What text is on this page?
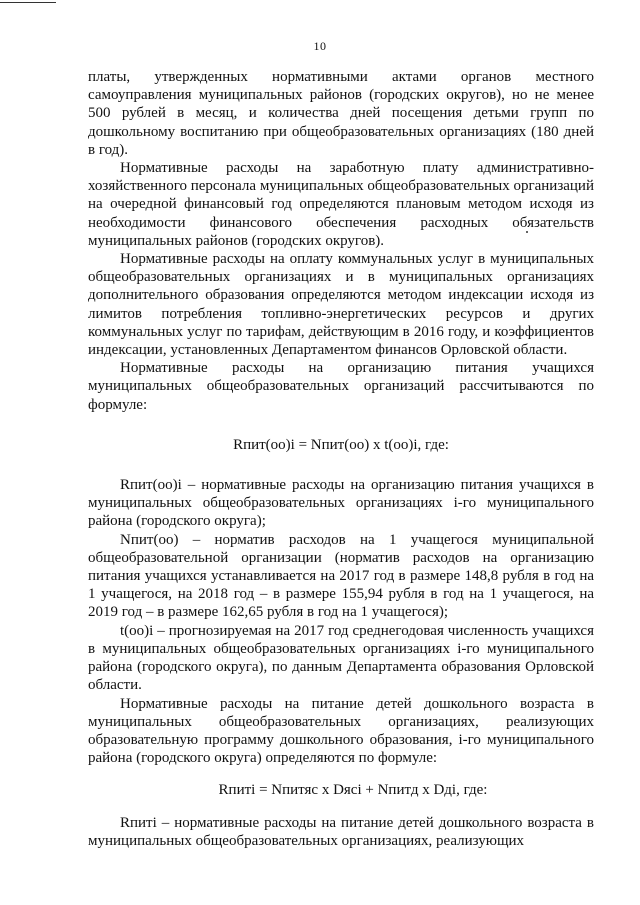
10

платы, утвержденных нормативными актами органов местного самоуправления муниципальных районов (городских округов), но не менее 500 рублей в месяц, и количества дней посещения детьми групп по дошкольному воспитанию при общеобразовательных организациях (180 дней в год).

Нормативные расходы на заработную плату административно-хозяйственного персонала муниципальных общеобразовательных организаций на очередной финансовый год определяются плановым методом исходя из необходимости финансового обеспечения расходных обязательств муниципальных районов (городских округов).

Нормативные расходы на оплату коммунальных услуг в муниципальных общеобразовательных организациях и в муниципальных организациях дополнительного образования определяются методом индексации исходя из лимитов потребления топливно-энергетических ресурсов и других коммунальных услуг по тарифам, действующим в 2016 году, и коэффициентов индексации, установленных Департаментом финансов Орловской области.

Нормативные расходы на организацию питания учащихся муниципальных общеобразовательных организаций рассчитываются по формуле:

Rпит(оо)i = Nпит(оо) x t(оо)i, где:

Rпит(оо)i – нормативные расходы на организацию питания учащихся в муниципальных общеобразовательных организациях i-го муниципального района (городского округа);

Nпит(оо) – норматив расходов на 1 учащегося муниципальной общеобразовательной организации (норматив расходов на организацию питания учащихся устанавливается на 2017 год в размере 148,8 рубля в год на 1 учащегося, на 2018 год – в размере 155,94 рубля в год на 1 учащегося, на 2019 год – в размере 162,65 рубля в год на 1 учащегося);

t(оо)i – прогнозируемая на 2017 год среднегодовая численность учащихся в муниципальных общеобразовательных организациях i-го муниципального района (городского округа), по данным Департамента образования Орловской области.

Нормативные расходы на питание детей дошкольного возраста в муниципальных общеобразовательных организациях, реализующих образовательную программу дошкольного образования, i-го муниципального района (городского округа) определяются по формуле:

Rпитi = Nпитяс x Dяci + Nпитд x Dдi, где:

Rпитi – нормативные расходы на питание детей дошкольного возраста в муниципальных общеобразовательных организациях, реализующих
